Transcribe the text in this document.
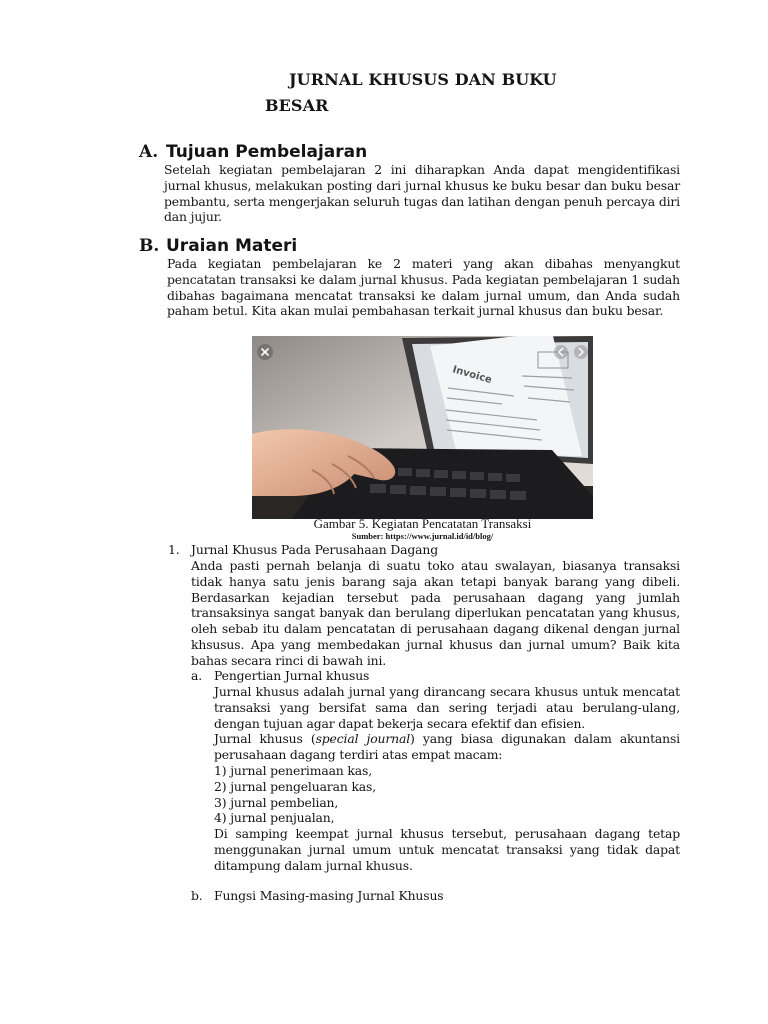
JURNAL KHUSUS DAN BUKU
BESAR
A. Tujuan Pembelajaran
Setelah kegiatan pembelajaran 2 ini diharapkan Anda dapat mengidentifikasi jurnal khusus, melakukan posting dari jurnal khusus ke buku besar dan buku besar pembantu, serta mengerjakan seluruh tugas dan latihan dengan penuh percaya diri dan jujur.
B. Uraian Materi
Pada kegiatan pembelajaran ke 2 materi yang akan dibahas menyangkut pencatatan transaksi ke dalam jurnal khusus. Pada kegiatan pembelajaran 1 sudah dibahas bagaimana mencatat transaksi ke dalam jurnal umum, dan Anda sudah paham betul. Kita akan mulai pembahasan terkait jurnal khusus dan buku besar.
Invoice
Gambar 5. Kegiatan Pencatatan Transaksi
Sumber: https://www.jurnal.id/id/blog/
1. Jurnal Khusus Pada Perusahaan Dagang
Anda pasti pernah belanja di suatu toko atau swalayan, biasanya transaksi tidak hanya satu jenis barang saja akan tetapi banyak barang yang dibeli. Berdasarkan kejadian tersebut pada perusahaan dagang yang jumlah transaksinya sangat banyak dan berulang diperlukan pencatatan yang khusus, oleh sebab itu dalam pencatatan di perusahaan dagang dikenal dengan jurnal khsusus. Apa yang membedakan jurnal khusus dan jurnal umum? Baik kita bahas secara rinci di bawah ini.
a. Pengertian Jurnal khusus
Jurnal khusus adalah jurnal yang dirancang secara khusus untuk mencatat transaksi yang bersifat sama dan sering terjadi atau berulang-ulang, dengan tujuan agar dapat bekerja secara efektif dan efisien.
Jurnal khusus (special journal) yang biasa digunakan dalam akuntansi perusahaan dagang terdiri atas empat macam:
1) jurnal penerimaan kas,
2) jurnal pengeluaran kas,
3) jurnal pembelian,
4) jurnal penjualan,
Di samping keempat jurnal khusus tersebut, perusahaan dagang tetap menggunakan jurnal umum untuk mencatat transaksi yang tidak dapat ditampung dalam jurnal khusus.
b. Fungsi Masing-masing Jurnal Khusus
